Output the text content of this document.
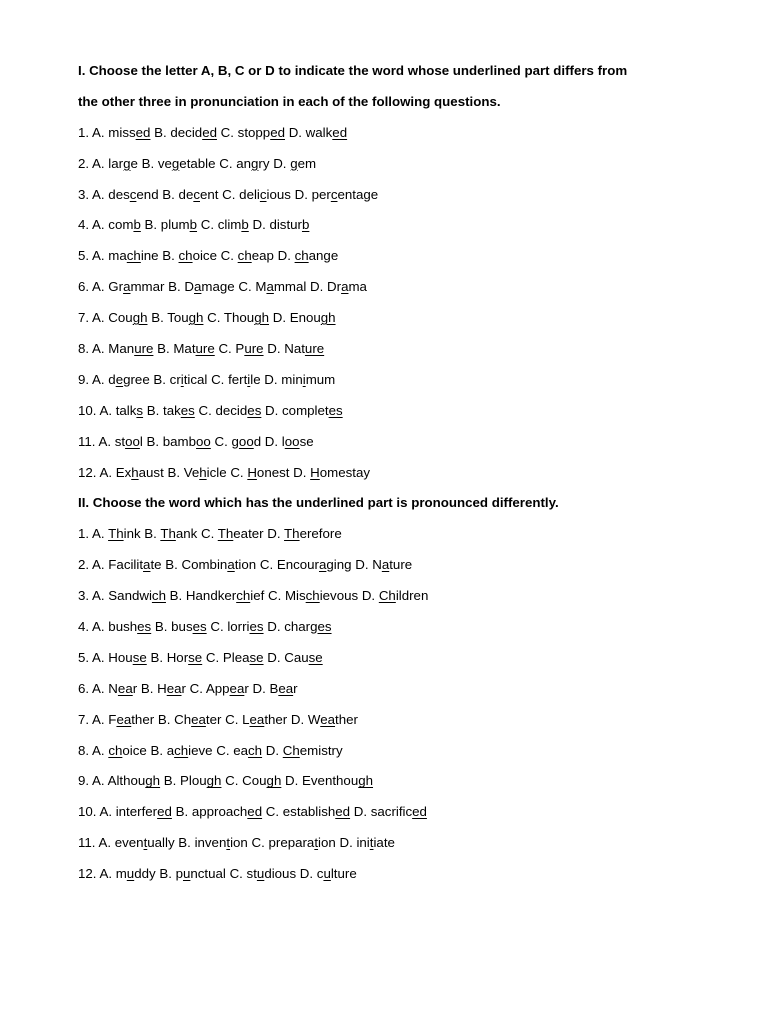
I. Choose the letter A, B, C or D to indicate the word whose underlined part differs from
the other three in pronunciation in each of the following questions.
1. A. missed B. decided C. stopped D. walked
2. A. large B. vegetable C. angry D. gem
3. A. descend B. decent C. delicious D. percentage
4. A. comb B. plumb C. climb D. disturb
5. A. machine B. choice C. cheap D. change
6. A. Grammar B. Damage C. Mammal D. Drama
7. A. Cough B. Tough C. Though D. Enough
8. A. Manure B. Mature C. Pure D. Nature
9. A. degree B. critical C. fertile D. minimum
10. A. talks B. takes C. decides D. completes
11. A. stool B. bamboo C. good D. loose
12. A. Exhaust B. Vehicle C. Honest D. Homestay
II. Choose the word which has the underlined part is pronounced differently.
1. A. Think B. Thank C. Theater D. Therefore
2. A. Facilitate B. Combination C. Encouraging D. Nature
3. A. Sandwich B. Handkerchief C. Mischievous D. Children
4. A. bushes B. buses C. lorries D. charges
5. A. House B. Horse C. Please D. Cause
6. A. Near B. Hear C. Appear D. Bear
7. A. Feather B. Cheater C. Leather D. Weather
8. A. choice B. achieve C. each D. Chemistry
9. A. Although B. Plough C. Cough D. Eventhough
10. A. interfered B. approached C. established D. sacrificed
11. A. eventually B. invention C. preparation D. initiate
12. A. muddy B. punctual C. studious D. culture
